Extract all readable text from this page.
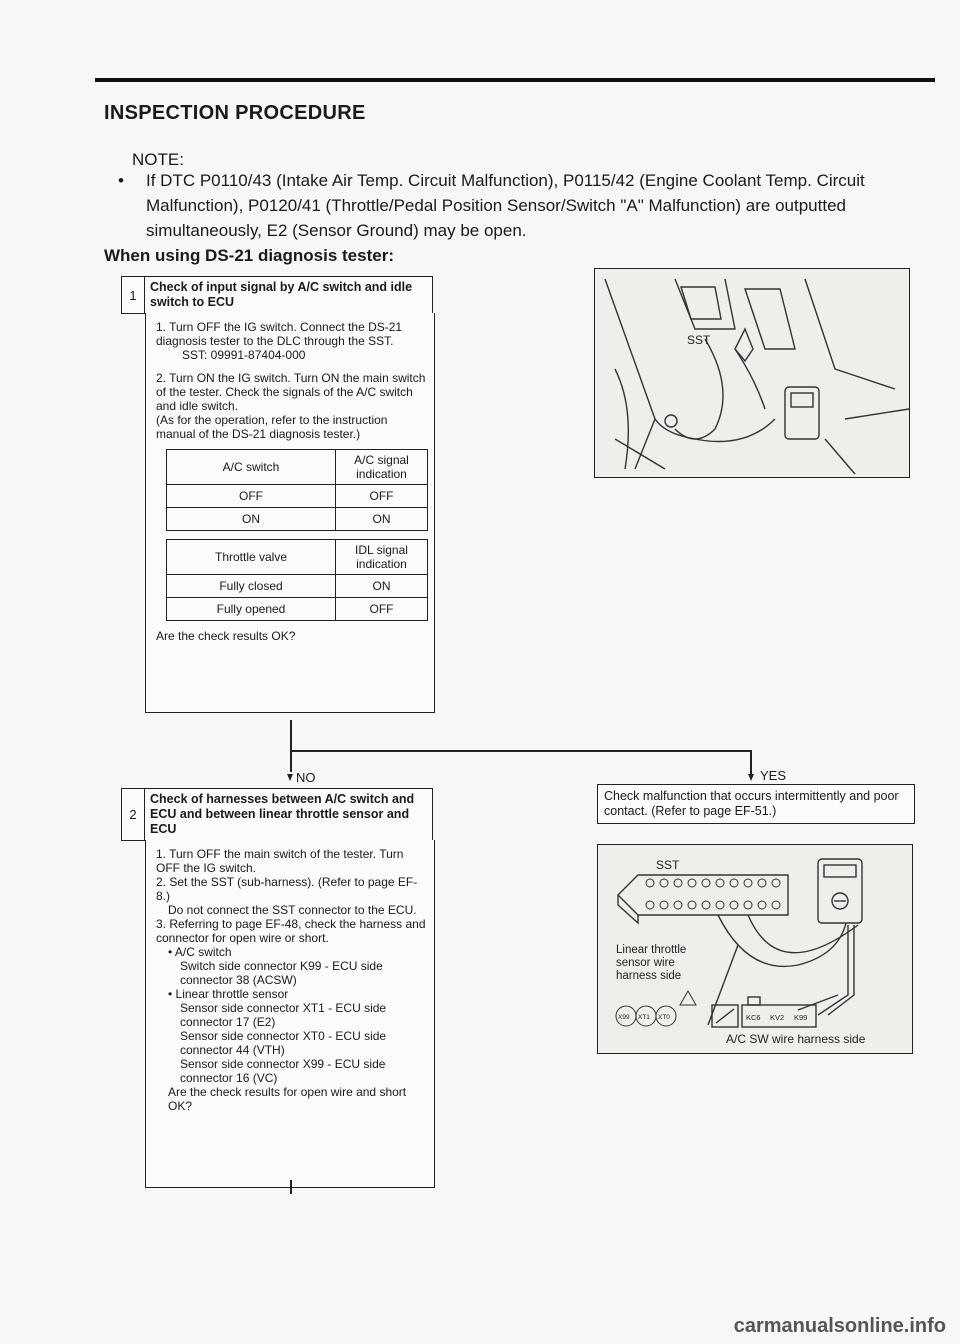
INSPECTION PROCEDURE
NOTE:
• If DTC P0110/43 (Intake Air Temp. Circuit Malfunction), P0115/42 (Engine Coolant Temp. Circuit Malfunction), P0120/41 (Throttle/Pedal Position Sensor/Switch "A" Malfunction) are outputted simultaneously, E2 (Sensor Ground) may be open.
When using DS-21 diagnosis tester:
1
Check of input signal by A/C switch and idle switch to ECU

1. Turn OFF the IG switch. Connect the DS-21 diagnosis tester to the DLC through the SST.

SST: 09991-87404-000

2. Turn ON the IG switch. Turn ON the main switch of the tester. Check the signals of the A/C switch and idle switch.

(As for the operation, refer to the instruction manual of the DS-21 diagnosis tester.)

A/C switch	A/C signal indication
OFF	OFF
ON	ON
Throttle valve	IDL signal indication
Fully closed	ON
Fully opened	OFF

Are the check results OK?

SST
NO	YES
Check malfunction that occurs intermittently and poor contact. (Refer to page EF-51.)
2
Check of harnesses between A/C switch and ECU and between linear throttle sensor and ECU

1. Turn OFF the main switch of the tester. Turn OFF the IG switch.

2. Set the SST (sub-harness). (Refer to page EF-8.)

Do not connect the SST connector to the ECU.

3. Referring to page EF-48, check the harness and connector for open wire or short.

• A/C switch

Switch side connector K99 - ECU side connector 38 (ACSW)

• Linear throttle sensor

Sensor side connector XT1 - ECU side connector 17 (E2)

Sensor side connector XT0 - ECU side connector 44 (VTH)

Sensor side connector X99 - ECU side connector 16 (VC)

Are the check results for open wire and short OK?

SST
Linear throttle sensor wire harness side
X99 XT1 XT0	KC6 KV2 K99
A/C SW wire harness side
carmanualsonline.info
